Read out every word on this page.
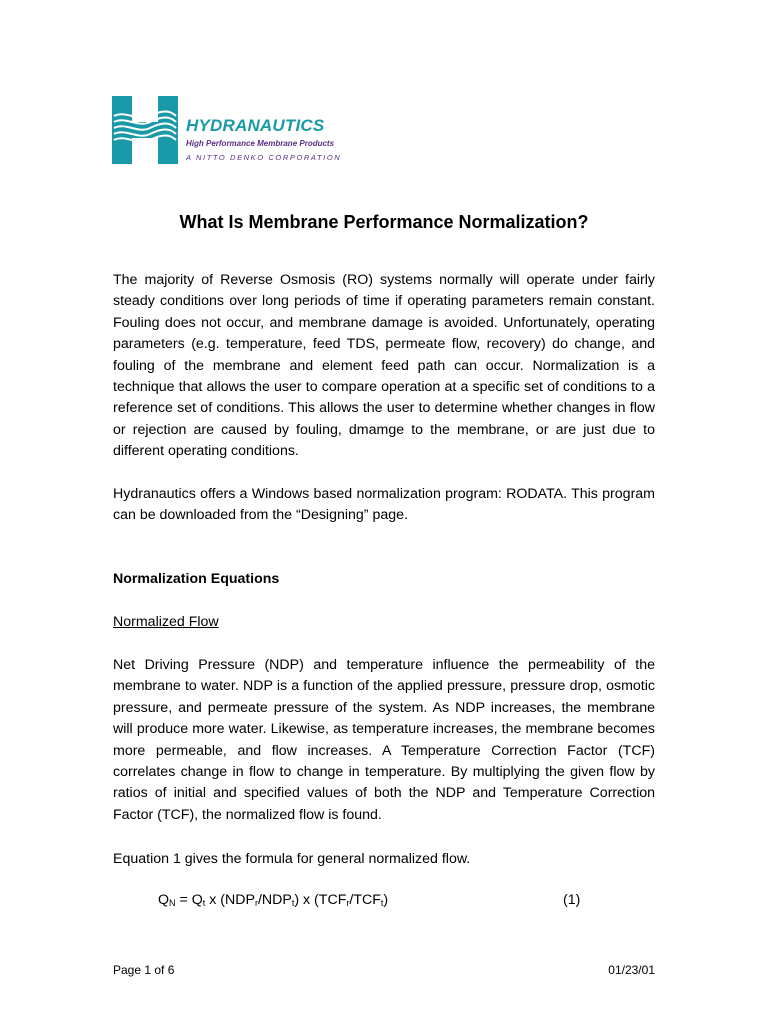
HYDRANAUTICS
High Performance Membrane Products
A NITTO DENKO CORPORATION
What Is Membrane Performance Normalization?

The majority of Reverse Osmosis (RO) systems normally will operate under fairly steady conditions over long periods of time if operating parameters remain constant. Fouling does not occur, and membrane damage is avoided. Unfortunately, operating parameters (e.g. temperature, feed TDS, permeate flow, recovery) do change, and fouling of the membrane and element feed path can occur. Normalization is a technique that allows the user to compare operation at a specific set of conditions to a reference set of conditions. This allows the user to determine whether changes in flow or rejection are caused by fouling, dmamge to the membrane, or are just due to different operating conditions.

Hydranautics offers a Windows based normalization program: RODATA. This program can be downloaded from the “Designing” page.

Normalization Equations
Normalized Flow

Net Driving Pressure (NDP) and temperature influence the permeability of the membrane to water. NDP is a function of the applied pressure, pressure drop, osmotic pressure, and permeate pressure of the system. As NDP increases, the membrane will produce more water. Likewise, as temperature increases, the membrane becomes more permeable, and flow increases. A Temperature Correction Factor (TCF) correlates change in flow to change in temperature. By multiplying the given flow by ratios of initial and specified values of both the NDP and Temperature Correction Factor (TCF), the normalized flow is found.

Equation 1 gives the formula for general normalized flow.

$Q_N = Q_t$ x $(NDP_r/NDP_t)$ x $(TCF_r/TCF_t)$	(1)
Page 1 of 6	01/23/01
